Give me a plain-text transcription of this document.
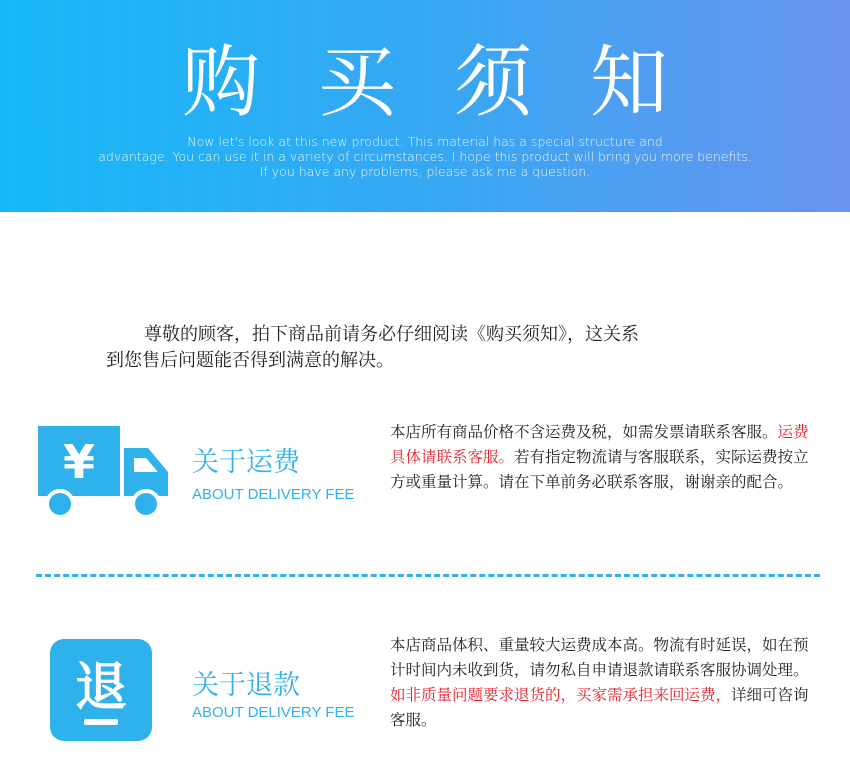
购买须知
Now let's look at this new product. This material has a special structure and
advantage. You can use it in a variety of circumstances. I hope this product will bring you more benefits.
If you have any problems, please ask me a question.
尊敬的顾客，拍下商品前请务必仔细阅读《购买须知》，这关系
到您售后问题能否得到满意的解决。
¥	关于运费
ABOUT DELIVERY FEE
本店所有商品价格不含运费及税，如需发票请联系客服。运费具体请联系客服。若有指定物流请与客服联系，实际运费按立方或重量计算。请在下单前务必联系客服，谢谢亲的配合。
退 关于退款
ABOUT DELIVERY FEE
本店商品体积、重量较大运费成本高。物流有时延误，如在预计时间内未收到货，请勿私自申请退款请联系客服协调处理。如非质量问题要求退货的，买家需承担来回运费，详细可咨询客服。
